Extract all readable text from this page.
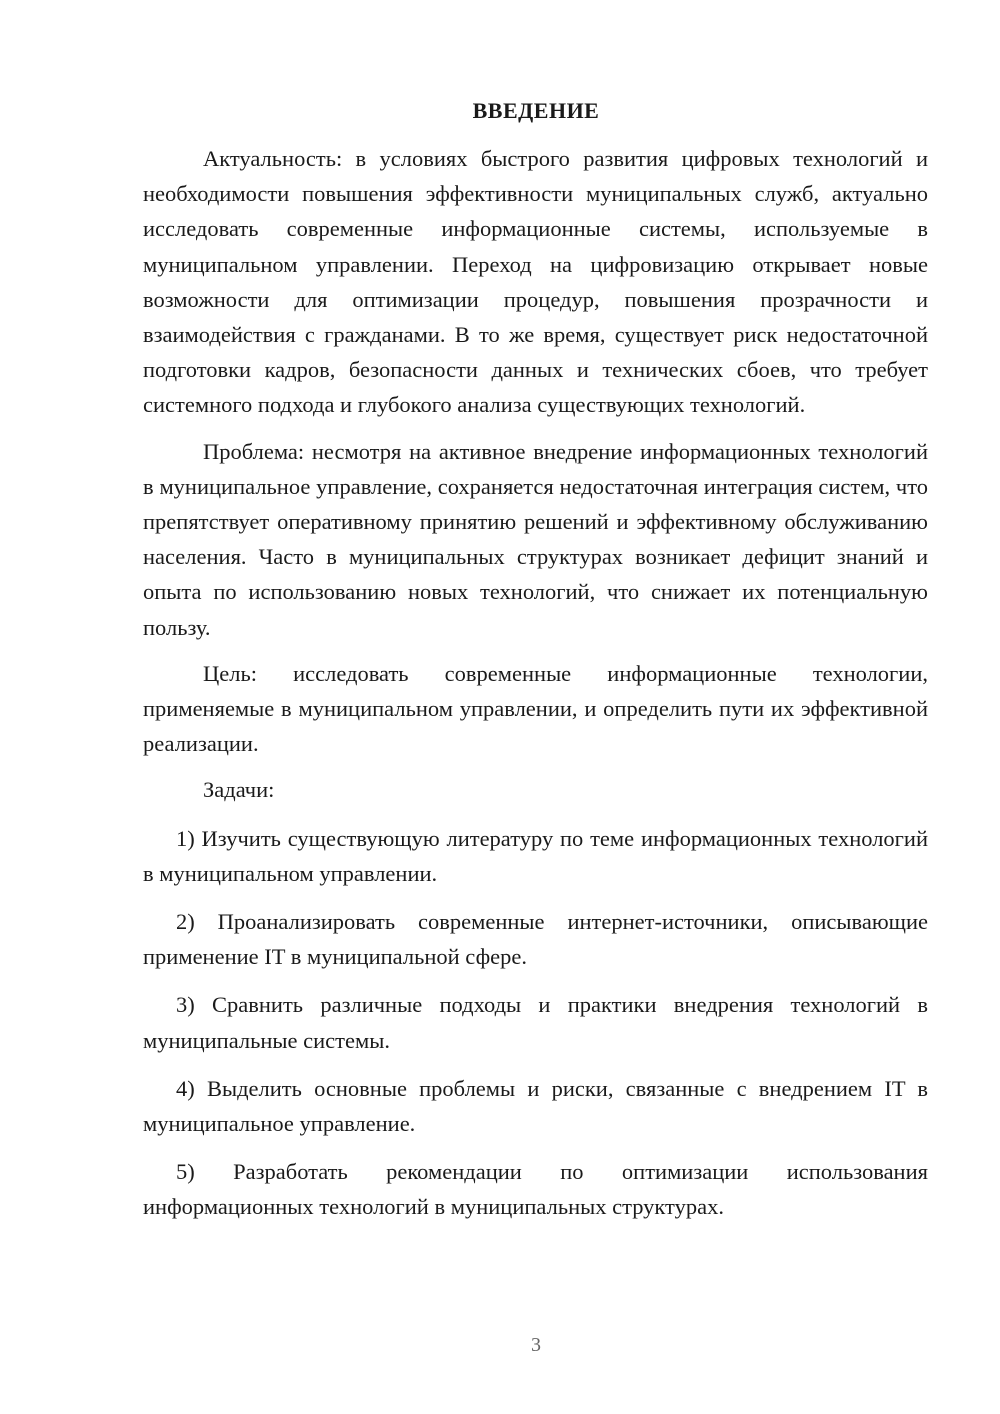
ВВЕДЕНИЕ

Актуальность: в условиях быстрого развития цифровых технологий и необходимости повышения эффективности муниципальных служб, актуально исследовать современные информационные системы, используемые в муниципальном управлении. Переход на цифровизацию открывает новые возможности для оптимизации процедур, повышения прозрачности и взаимодействия с гражданами. В то же время, существует риск недостаточной подготовки кадров, безопасности данных и технических сбоев, что требует системного подхода и глубокого анализа существующих технологий.

Проблема: несмотря на активное внедрение информационных технологий в муниципальное управление, сохраняется недостаточная интеграция систем, что препятствует оперативному принятию решений и эффективному обслуживанию населения. Часто в муниципальных структурах возникает дефицит знаний и опыта по использованию новых технологий, что снижает их потенциальную пользу.

Цель: исследовать современные информационные технологии, применяемые в муниципальном управлении, и определить пути их эффективной реализации.

Задачи:

1) Изучить существующую литературу по теме информационных технологий в муниципальном управлении.

2) Проанализировать современные интернет-источники, описывающие применение IT в муниципальной сфере.

3) Сравнить различные подходы и практики внедрения технологий в муниципальные системы.

4) Выделить основные проблемы и риски, связанные с внедрением IT в муниципальное управление.

5) Разработать рекомендации по оптимизации использования информационных технологий в муниципальных структурах.

3
